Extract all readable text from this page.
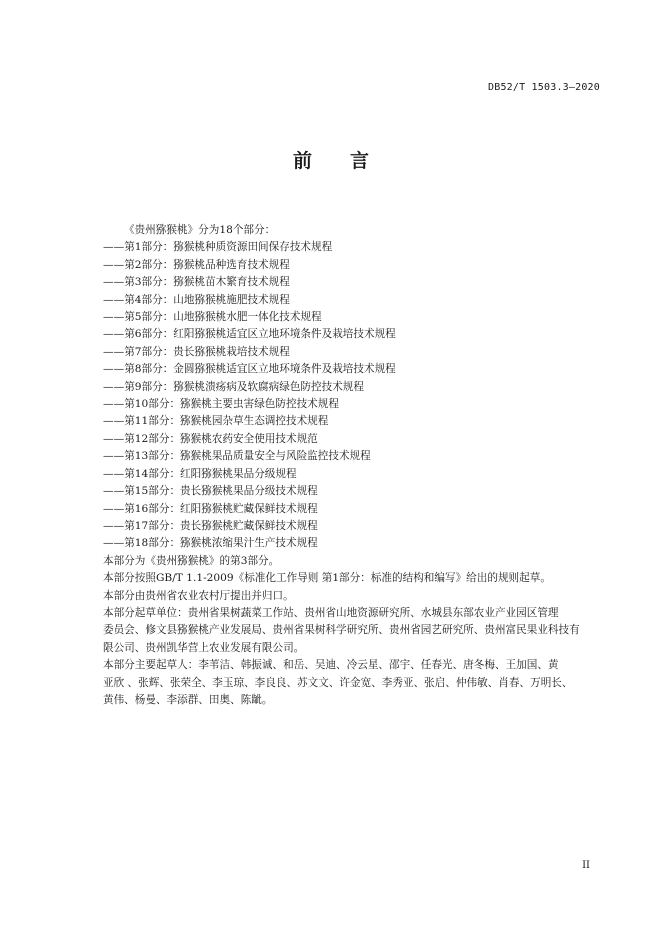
DB52/T 1503.3—2020
前 言
《贵州猕猴桃》分为18个部分：
——第1部分：猕猴桃种质资源田间保存技术规程
——第2部分：猕猴桃品种选育技术规程
——第3部分：猕猴桃苗木繁育技术规程
——第4部分：山地猕猴桃施肥技术规程
——第5部分：山地猕猴桃水肥一体化技术规程
——第6部分：红阳猕猴桃适宜区立地环境条件及栽培技术规程
——第7部分：贵长猕猴桃栽培技术规程
——第8部分：金圆猕猴桃适宜区立地环境条件及栽培技术规程
——第9部分：猕猴桃溃疡病及软腐病绿色防控技术规程
——第10部分：猕猴桃主要虫害绿色防控技术规程
——第11部分：猕猴桃园杂草生态调控技术规程
——第12部分：猕猴桃农药安全使用技术规范
——第13部分：猕猴桃果品质量安全与风险监控技术规程
——第14部分：红阳猕猴桃果品分级规程
——第15部分：贵长猕猴桃果品分级技术规程
——第16部分：红阳猕猴桃贮藏保鲜技术规程
——第17部分：贵长猕猴桃贮藏保鲜技术规程
——第18部分：猕猴桃浓缩果汁生产技术规程
本部分为《贵州猕猴桃》的第3部分。
本部分按照GB/T 1.1-2009《标准化工作导则 第1部分：标准的结构和编写》给出的规则起草。
本部分由贵州省农业农村厅提出并归口。
本部分起草单位：贵州省果树蔬菜工作站、贵州省山地资源研究所、水城县东部农业产业园区管理
委员会、修文县猕猴桃产业发展局、贵州省果树科学研究所、贵州省园艺研究所、贵州富民果业科技有
限公司、贵州凯华营上农业发展有限公司。
本部分主要起草人：李苇洁、韩振诚、和岳、吴迪、冷云星、邵宇、任春光、唐冬梅、王加国、黄
亚欣 、张辉、张荣全、李玉琼、李良良、苏文文、许金宽、李秀亚、张启、仲伟敏、肖春、万明长、
黄伟、杨曼、李添群、田奥、陈龇。
II
